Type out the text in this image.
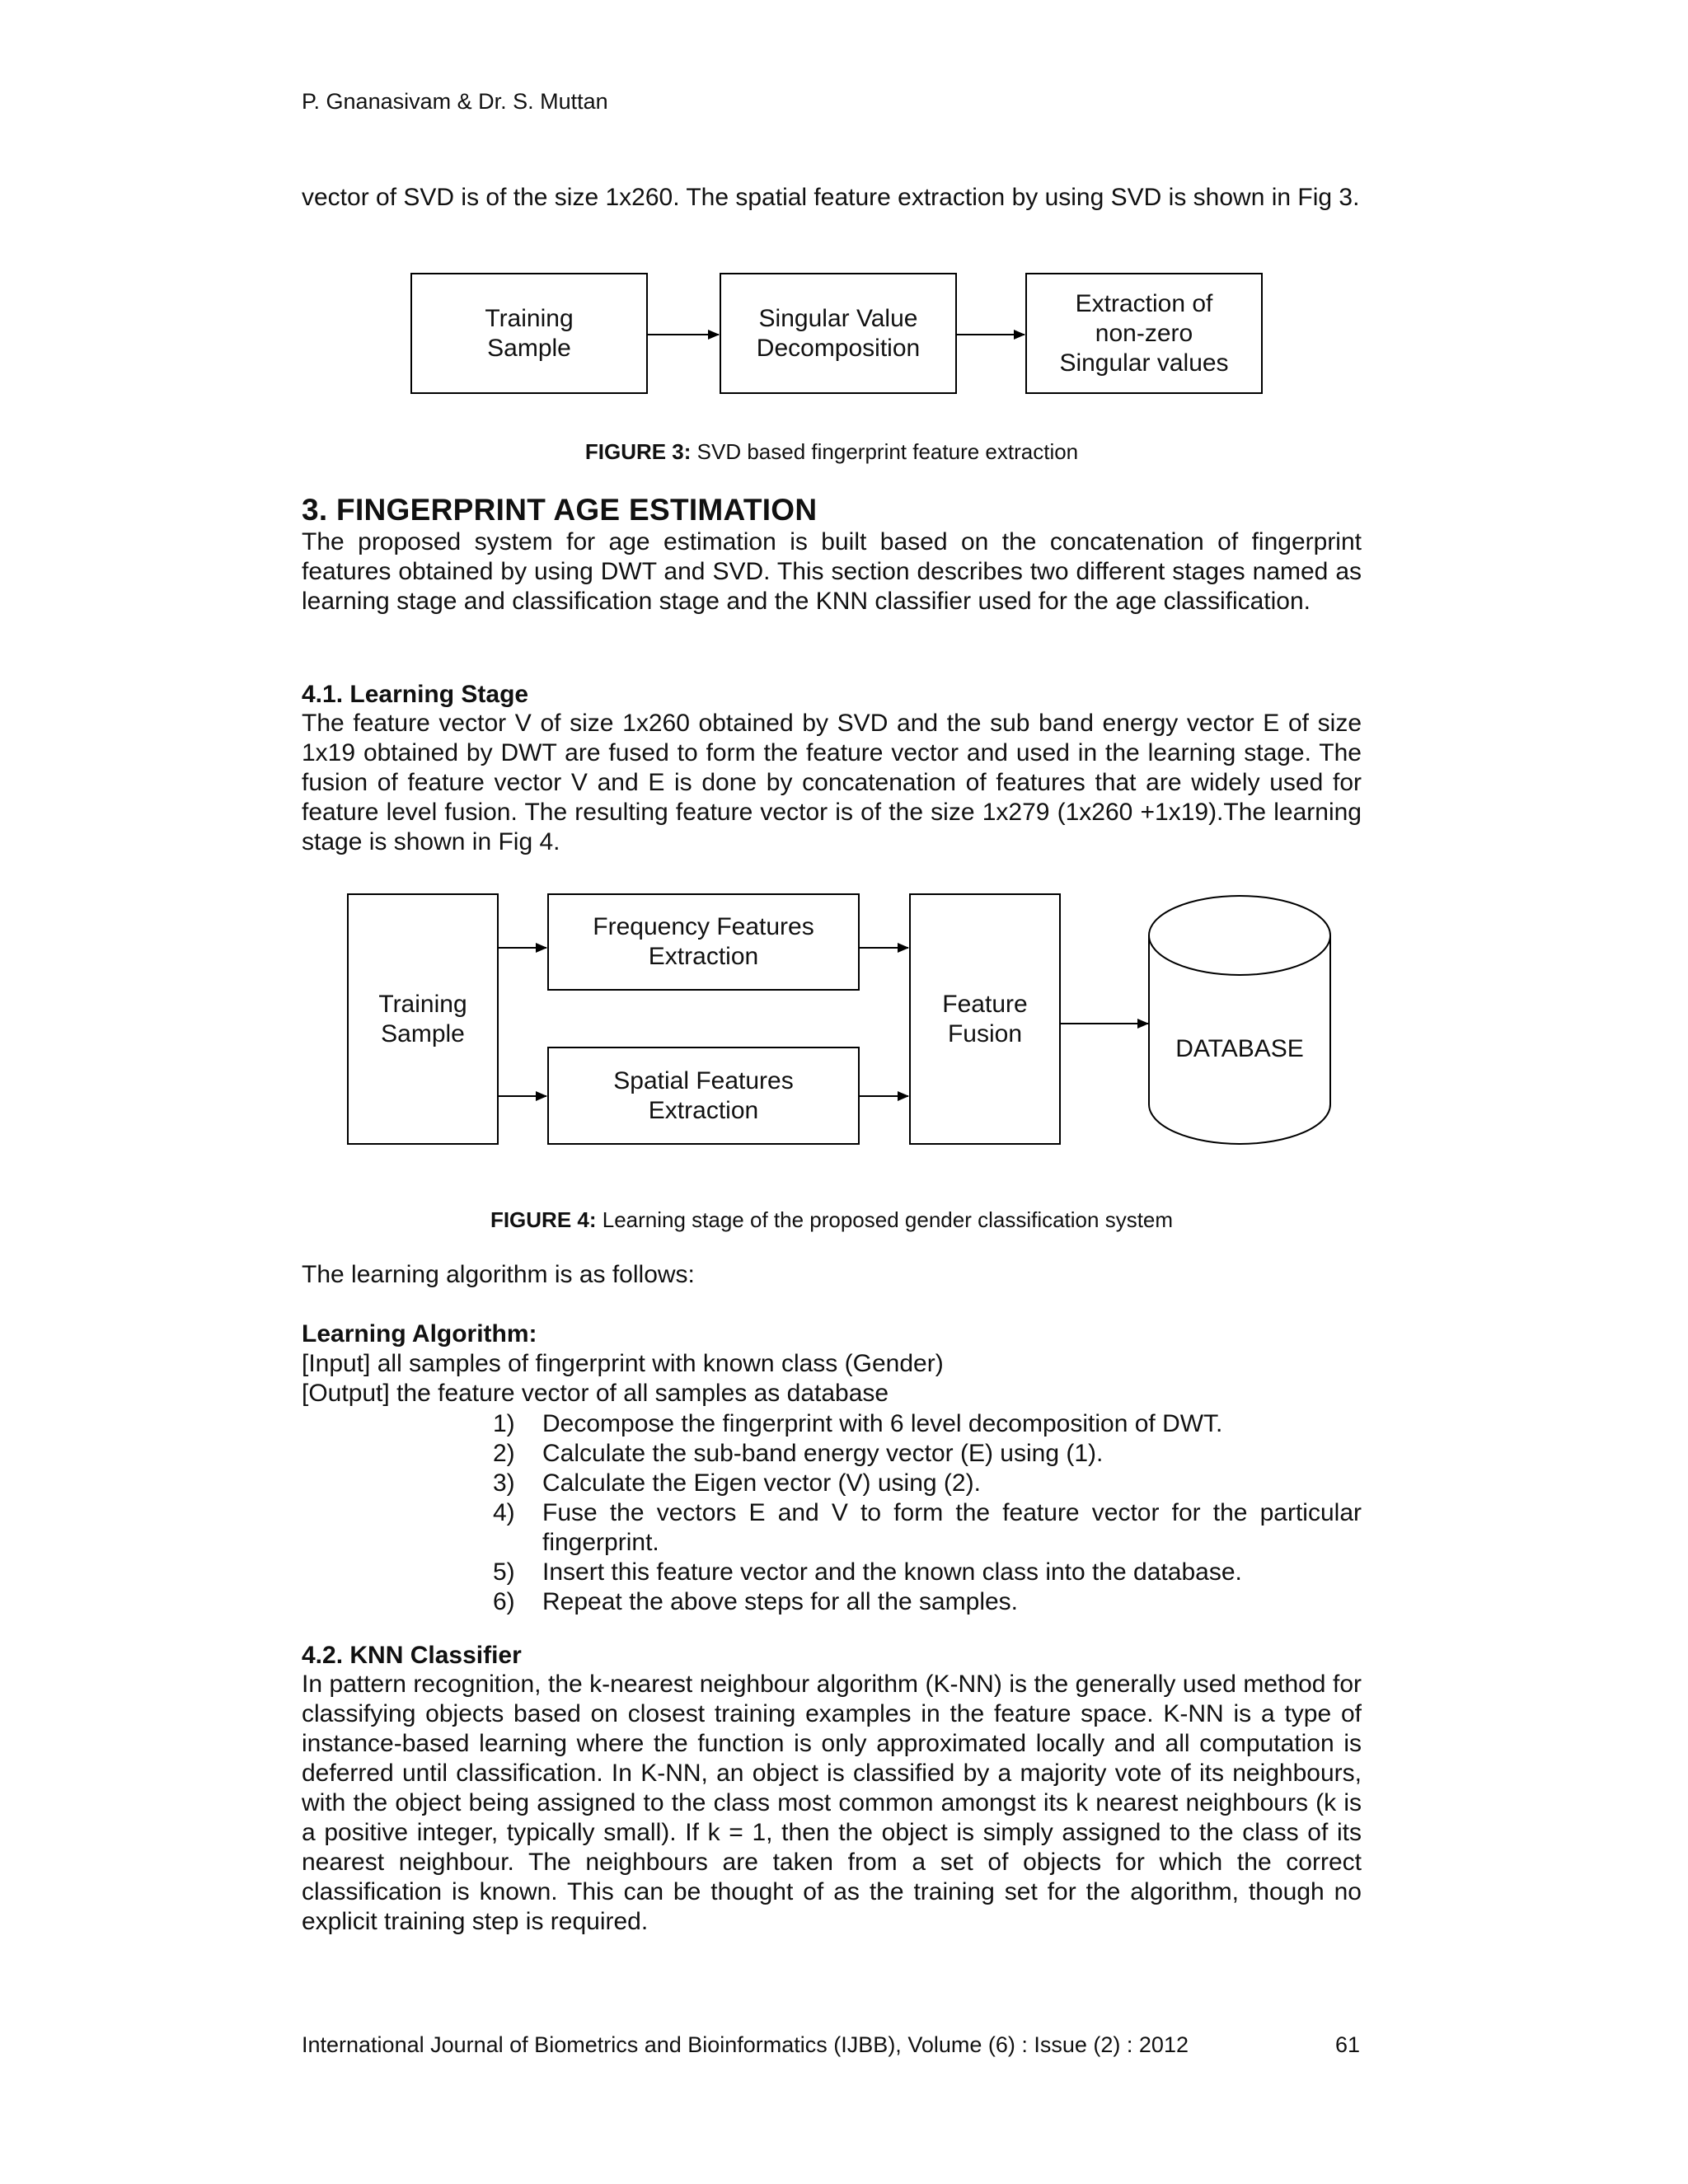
P. Gnanasivam & Dr. S. Muttan

vector of SVD is of the size 1x260. The spatial feature extraction by using SVD is shown in Fig 3.

Training
Sample
Singular Value
Decomposition
Extraction of
non-zero
Singular values
FIGURE 3: SVD based fingerprint feature extraction
3. FINGERPRINT AGE ESTIMATION

The proposed system for age estimation is built based on the concatenation of fingerprint features obtained by using DWT and SVD. This section describes two different stages named as learning stage and classification stage and the KNN classifier used for the age classification.

4.1. Learning Stage

The feature vector V of size 1x260 obtained by SVD and the sub band energy vector E of size 1x19 obtained by DWT are fused to form the feature vector and used in the learning stage. The fusion of feature vector V and E is done by concatenation of features that are widely used for feature level fusion. The resulting feature vector is of the size 1x279 (1x260 +1x19).The learning stage is shown in Fig 4.

Training
Sample
Frequency Features
Extraction
Spatial Features
Extraction
Feature
Fusion
DATABASE
FIGURE 4: Learning stage of the proposed gender classification system
The learning algorithm is as follows:
Learning Algorithm:
[Input] all samples of fingerprint with known class (Gender)
[Output] the feature vector of all samples as database
1)	Decompose the fingerprint with 6 level decomposition of DWT.
2)	Calculate the sub-band energy vector (E) using (1).
3)	Calculate the Eigen vector (V) using (2).
4)	Fuse the vectors E and V to form the feature vector for the particular fingerprint.
5)	Insert this feature vector and the known class into the database.
6)	Repeat the above steps for all the samples.
4.2. KNN Classifier

In pattern recognition, the k-nearest neighbour algorithm (K-NN) is the generally used method for classifying objects based on closest training examples in the feature space. K-NN is a type of instance-based learning where the function is only approximated locally and all computation is deferred until classification. In K-NN, an object is classified by a majority vote of its neighbours, with the object being assigned to the class most common amongst its k nearest neighbours (k is a positive integer, typically small). If k = 1, then the object is simply assigned to the class of its nearest neighbour. The neighbours are taken from a set of objects for which the correct classification is known. This can be thought of as the training set for the algorithm, though no explicit training step is required.

International Journal of Biometrics and Bioinformatics (IJBB), Volume (6) : Issue (2) : 2012	61
